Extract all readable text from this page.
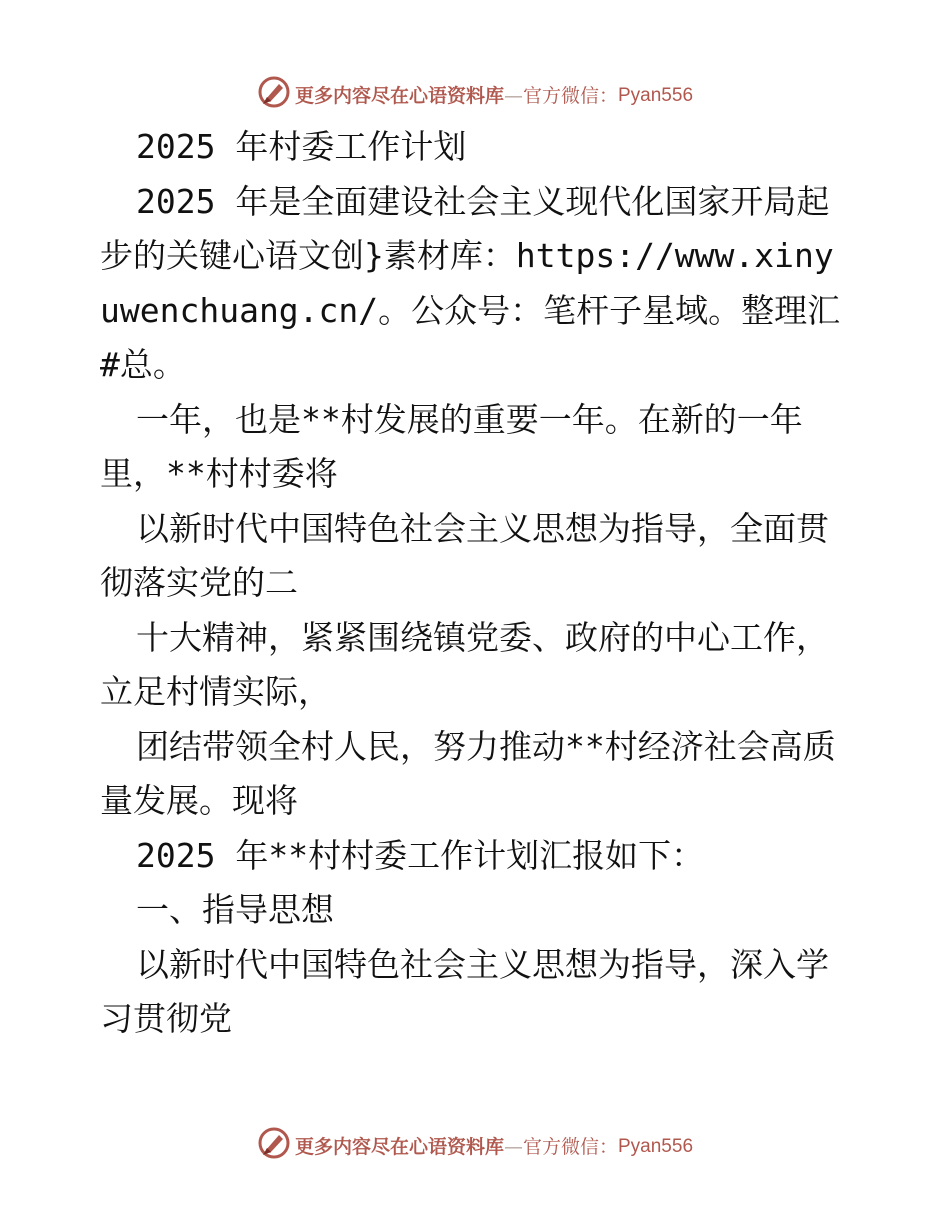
更多内容尽在心语资料库—官方微信：Pyan556

2025 年村委工作计划

2025 年是全面建设社会主义现代化国家开局起步的关键心语文创}素材库：https://www.xinyuwenchuang.cn/。公众号：笔杆子星域。整理汇#总。

一年，也是**村发展的重要一年。在新的一年里，**村村委将

以新时代中国特色社会主义思想为指导，全面贯彻落实党的二

十大精神，紧紧围绕镇党委、政府的中心工作，立足村情实际，

团结带领全村人民，努力推动**村经济社会高质量发展。现将

2025 年**村村委工作计划汇报如下：

一、指导思想

以新时代中国特色社会主义思想为指导，深入学习贯彻党

更多内容尽在心语资料库—官方微信：Pyan556
